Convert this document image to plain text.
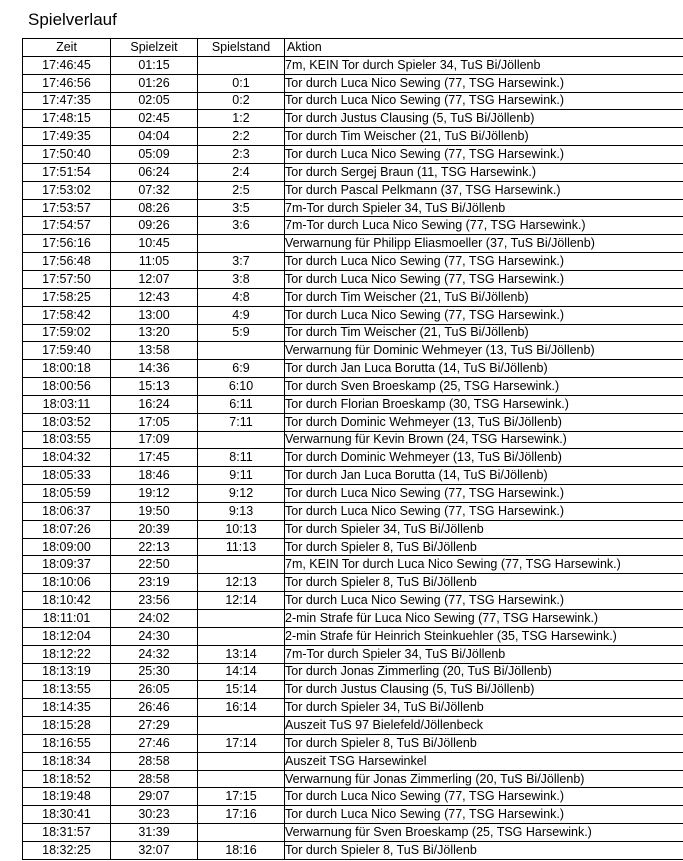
Spielverlauf
Zeit	Spielzeit	Spielstand	Aktion
17:46:45	01:15		7m, KEIN Tor durch Spieler 34, TuS Bi/Jöllenb
17:46:56	01:26	0:1	Tor durch Luca Nico Sewing (77, TSG Harsewink.)
17:47:35	02:05	0:2	Tor durch Luca Nico Sewing (77, TSG Harsewink.)
17:48:15	02:45	1:2	Tor durch Justus Clausing (5, TuS Bi/Jöllenb)
17:49:35	04:04	2:2	Tor durch Tim Weischer (21, TuS Bi/Jöllenb)
17:50:40	05:09	2:3	Tor durch Luca Nico Sewing (77, TSG Harsewink.)
17:51:54	06:24	2:4	Tor durch Sergej Braun (11, TSG Harsewink.)
17:53:02	07:32	2:5	Tor durch Pascal Pelkmann (37, TSG Harsewink.)
17:53:57	08:26	3:5	7m-Tor durch Spieler 34, TuS Bi/Jöllenb
17:54:57	09:26	3:6	7m-Tor durch Luca Nico Sewing (77, TSG Harsewink.)
17:56:16	10:45		Verwarnung für Philipp Eliasmoeller (37, TuS Bi/Jöllenb)
17:56:48	11:05	3:7	Tor durch Luca Nico Sewing (77, TSG Harsewink.)
17:57:50	12:07	3:8	Tor durch Luca Nico Sewing (77, TSG Harsewink.)
17:58:25	12:43	4:8	Tor durch Tim Weischer (21, TuS Bi/Jöllenb)
17:58:42	13:00	4:9	Tor durch Luca Nico Sewing (77, TSG Harsewink.)
17:59:02	13:20	5:9	Tor durch Tim Weischer (21, TuS Bi/Jöllenb)
17:59:40	13:58		Verwarnung für Dominic Wehmeyer (13, TuS Bi/Jöllenb)
18:00:18	14:36	6:9	Tor durch Jan Luca Borutta (14, TuS Bi/Jöllenb)
18:00:56	15:13	6:10	Tor durch Sven Broeskamp (25, TSG Harsewink.)
18:03:11	16:24	6:11	Tor durch Florian Broeskamp (30, TSG Harsewink.)
18:03:52	17:05	7:11	Tor durch Dominic Wehmeyer (13, TuS Bi/Jöllenb)
18:03:55	17:09		Verwarnung für Kevin Brown (24, TSG Harsewink.)
18:04:32	17:45	8:11	Tor durch Dominic Wehmeyer (13, TuS Bi/Jöllenb)
18:05:33	18:46	9:11	Tor durch Jan Luca Borutta (14, TuS Bi/Jöllenb)
18:05:59	19:12	9:12	Tor durch Luca Nico Sewing (77, TSG Harsewink.)
18:06:37	19:50	9:13	Tor durch Luca Nico Sewing (77, TSG Harsewink.)
18:07:26	20:39	10:13	Tor durch Spieler 34, TuS Bi/Jöllenb
18:09:00	22:13	11:13	Tor durch Spieler 8, TuS Bi/Jöllenb
18:09:37	22:50		7m, KEIN Tor durch Luca Nico Sewing (77, TSG Harsewink.)
18:10:06	23:19	12:13	Tor durch Spieler 8, TuS Bi/Jöllenb
18:10:42	23:56	12:14	Tor durch Luca Nico Sewing (77, TSG Harsewink.)
18:11:01	24:02		2-min Strafe für Luca Nico Sewing (77, TSG Harsewink.)
18:12:04	24:30		2-min Strafe für Heinrich Steinkuehler (35, TSG Harsewink.)
18:12:22	24:32	13:14	7m-Tor durch Spieler 34, TuS Bi/Jöllenb
18:13:19	25:30	14:14	Tor durch Jonas Zimmerling (20, TuS Bi/Jöllenb)
18:13:55	26:05	15:14	Tor durch Justus Clausing (5, TuS Bi/Jöllenb)
18:14:35	26:46	16:14	Tor durch Spieler 34, TuS Bi/Jöllenb
18:15:28	27:29		Auszeit TuS 97 Bielefeld/Jöllenbeck
18:16:55	27:46	17:14	Tor durch Spieler 8, TuS Bi/Jöllenb
18:18:34	28:58		Auszeit TSG Harsewinkel
18:18:52	28:58		Verwarnung für Jonas Zimmerling (20, TuS Bi/Jöllenb)
18:19:48	29:07	17:15	Tor durch Luca Nico Sewing (77, TSG Harsewink.)
18:30:41	30:23	17:16	Tor durch Luca Nico Sewing (77, TSG Harsewink.)
18:31:57	31:39		Verwarnung für Sven Broeskamp (25, TSG Harsewink.)
18:32:25	32:07	18:16	Tor durch Spieler 8, TuS Bi/Jöllenb
